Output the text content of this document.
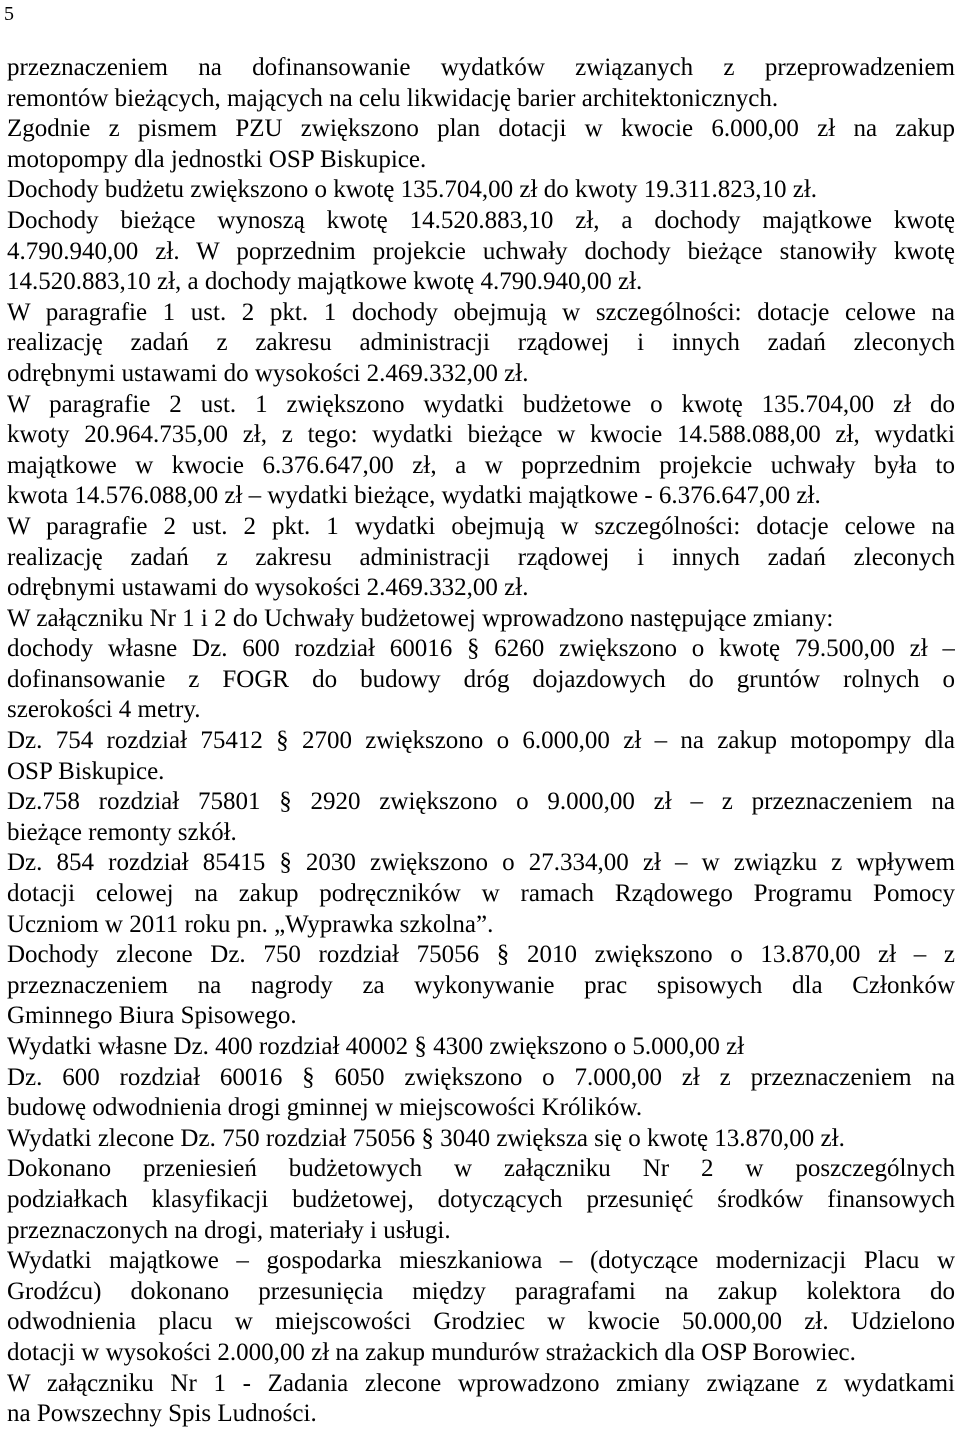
5
przeznaczeniem na dofinansowanie wydatków związanych z przeprowadzeniem
remontów bieżących, mających na celu likwidację barier architektonicznych.
Zgodnie z pismem PZU zwiększono plan dotacji w kwocie 6.000,00 zł na zakup
motopompy dla jednostki OSP Biskupice.
Dochody budżetu zwiększono o kwotę 135.704,00 zł do kwoty 19.311.823,10 zł.
Dochody bieżące wynoszą kwotę 14.520.883,10 zł, a dochody majątkowe kwotę
4.790.940,00 zł. W poprzednim projekcie uchwały dochody bieżące stanowiły kwotę
14.520.883,10 zł, a dochody majątkowe kwotę 4.790.940,00 zł.
W paragrafie 1 ust. 2 pkt. 1 dochody obejmują w szczególności: dotacje celowe na
realizację zadań z zakresu administracji rządowej i innych zadań zleconych
odrębnymi ustawami do wysokości 2.469.332,00 zł.
W paragrafie 2 ust. 1 zwiększono wydatki budżetowe o kwotę 135.704,00 zł do
kwoty 20.964.735,00 zł, z tego: wydatki bieżące w kwocie 14.588.088,00 zł, wydatki
majątkowe w kwocie 6.376.647,00 zł, a w poprzednim projekcie uchwały była to
kwota 14.576.088,00 zł – wydatki bieżące, wydatki majątkowe - 6.376.647,00 zł.
W paragrafie 2 ust. 2 pkt. 1 wydatki obejmują w szczególności: dotacje celowe na
realizację zadań z zakresu administracji rządowej i innych zadań zleconych
odrębnymi ustawami do wysokości 2.469.332,00 zł.
W załączniku Nr 1 i 2 do Uchwały budżetowej wprowadzono następujące zmiany:
dochody własne Dz. 600 rozdział 60016 § 6260 zwiększono o kwotę 79.500,00 zł –
dofinansowanie z FOGR do budowy dróg dojazdowych do gruntów rolnych o
szerokości 4 metry.
Dz. 754 rozdział 75412 § 2700 zwiększono o 6.000,00 zł – na zakup motopompy dla
OSP Biskupice.
Dz.758 rozdział 75801 § 2920 zwiększono o 9.000,00 zł – z przeznaczeniem na
bieżące remonty szkół.
Dz. 854 rozdział 85415 § 2030 zwiększono o 27.334,00 zł – w związku z wpływem
dotacji celowej na zakup podręczników w ramach Rządowego Programu Pomocy
Uczniom w 2011 roku pn. „Wyprawka szkolna”.
Dochody zlecone Dz. 750 rozdział 75056 § 2010 zwiększono o 13.870,00 zł – z
przeznaczeniem na nagrody za wykonywanie prac spisowych dla Członków
Gminnego Biura Spisowego.
Wydatki własne Dz. 400 rozdział 40002 § 4300 zwiększono o 5.000,00 zł
Dz. 600 rozdział 60016 § 6050 zwiększono o 7.000,00 zł z przeznaczeniem na
budowę odwodnienia drogi gminnej w miejscowości Królików.
Wydatki zlecone Dz. 750 rozdział 75056 § 3040 zwiększa się o kwotę 13.870,00 zł.
Dokonano przeniesień budżetowych w załączniku Nr 2 w poszczególnych
podziałkach klasyfikacji budżetowej, dotyczących przesunięć środków finansowych
przeznaczonych na drogi, materiały i usługi.
Wydatki majątkowe – gospodarka mieszkaniowa – (dotyczące modernizacji Placu w
Grodźcu) dokonano przesunięcia między paragrafami na zakup kolektora do
odwodnienia placu w miejscowości Grodziec w kwocie 50.000,00 zł. Udzielono
dotacji w wysokości 2.000,00 zł na zakup mundurów strażackich dla OSP Borowiec.
W załączniku Nr 1 - Zadania zlecone wprowadzono zmiany związane z wydatkami
na Powszechny Spis Ludności.
